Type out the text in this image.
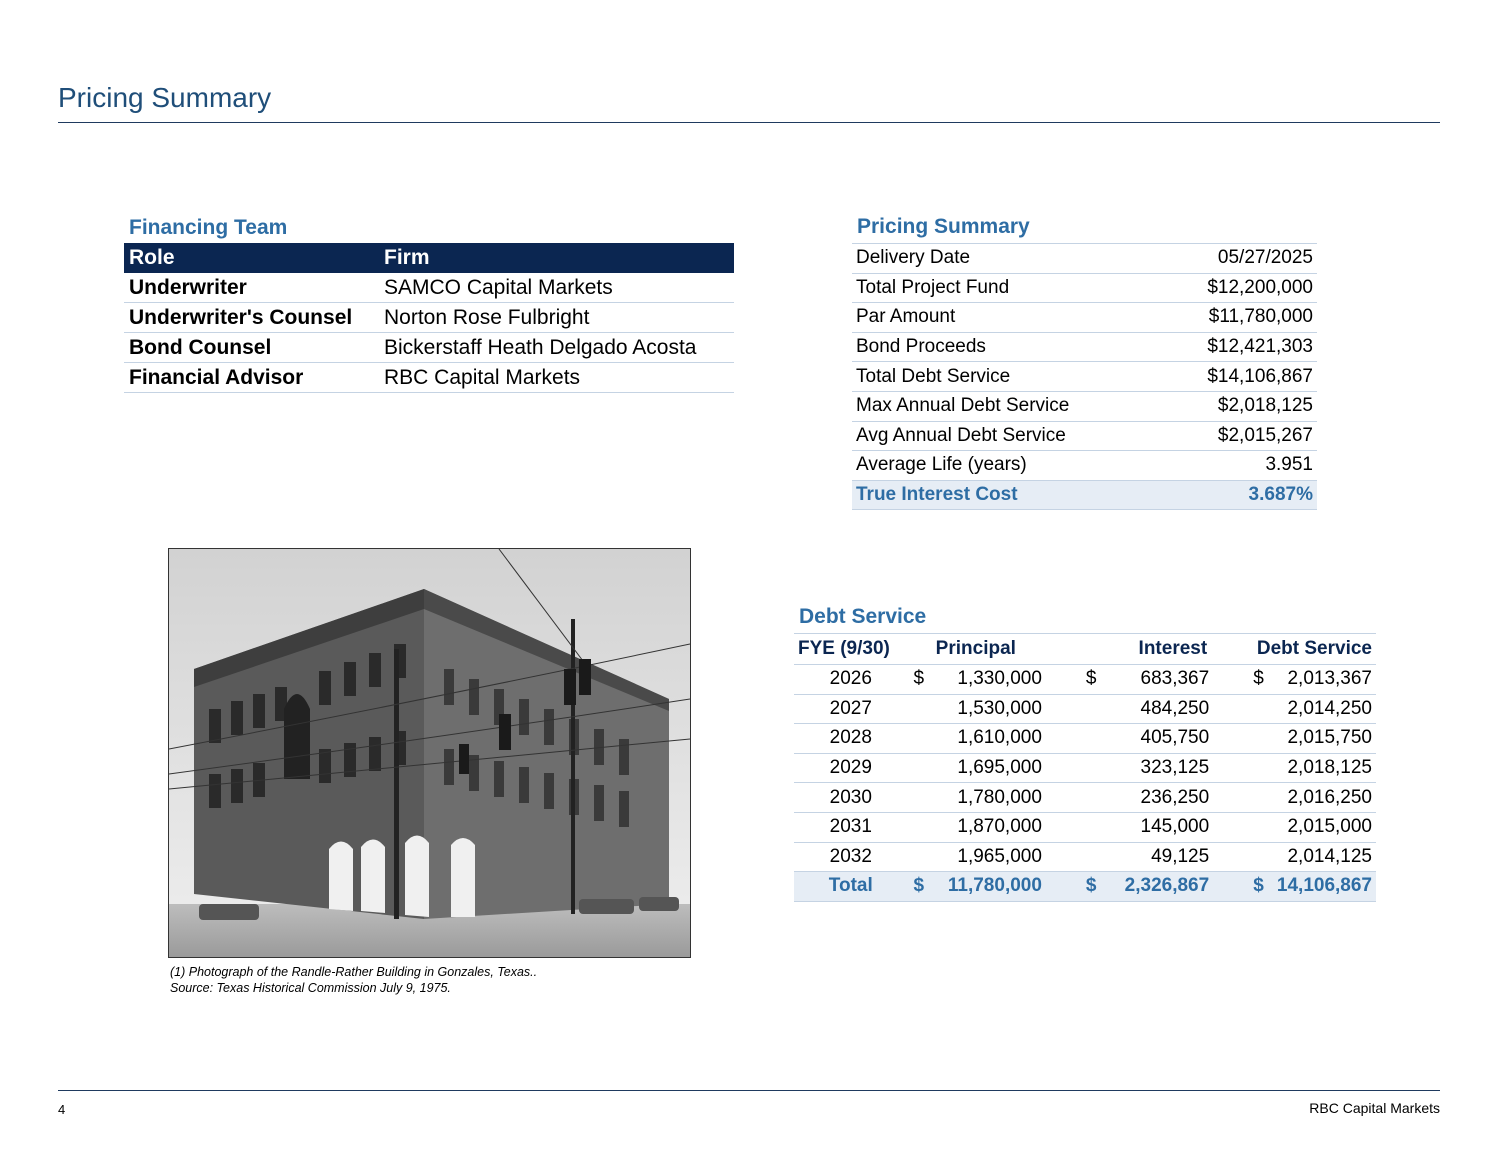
Pricing Summary
Financing Team
Role	Firm
Underwriter	SAMCO Capital Markets
Underwriter's Counsel	Norton Rose Fulbright
Bond Counsel	Bickerstaff Heath Delgado Acosta
Financial Advisor	RBC Capital Markets
Pricing Summary
Delivery Date	05/27/2025
Total Project Fund	$12,200,000
Par Amount	$11,780,000
Bond Proceeds	$12,421,303
Total Debt Service	$14,106,867
Max Annual Debt Service	$2,018,125
Avg Annual Debt Service	$2,015,267
Average Life (years)	3.951
True Interest Cost	3.687%
(1) Photograph of the Randle-Rather Building in Gonzales, Texas..
Source: Texas Historical Commission July 9, 1975.
Debt Service
FYE (9/30)	Principal		Interest		Debt Service	
2026	$	1,330,000	$	683,367	$	2,013,367
2027		1,530,000		484,250		2,014,250
2028		1,610,000		405,750		2,015,750
2029		1,695,000		323,125		2,018,125
2030		1,780,000		236,250		2,016,250
2031		1,870,000		145,000		2,015,000
2032		1,965,000		49,125		2,014,125
Total	$	11,780,000	$	2,326,867	$	14,106,867
4	RBC Capital Markets
